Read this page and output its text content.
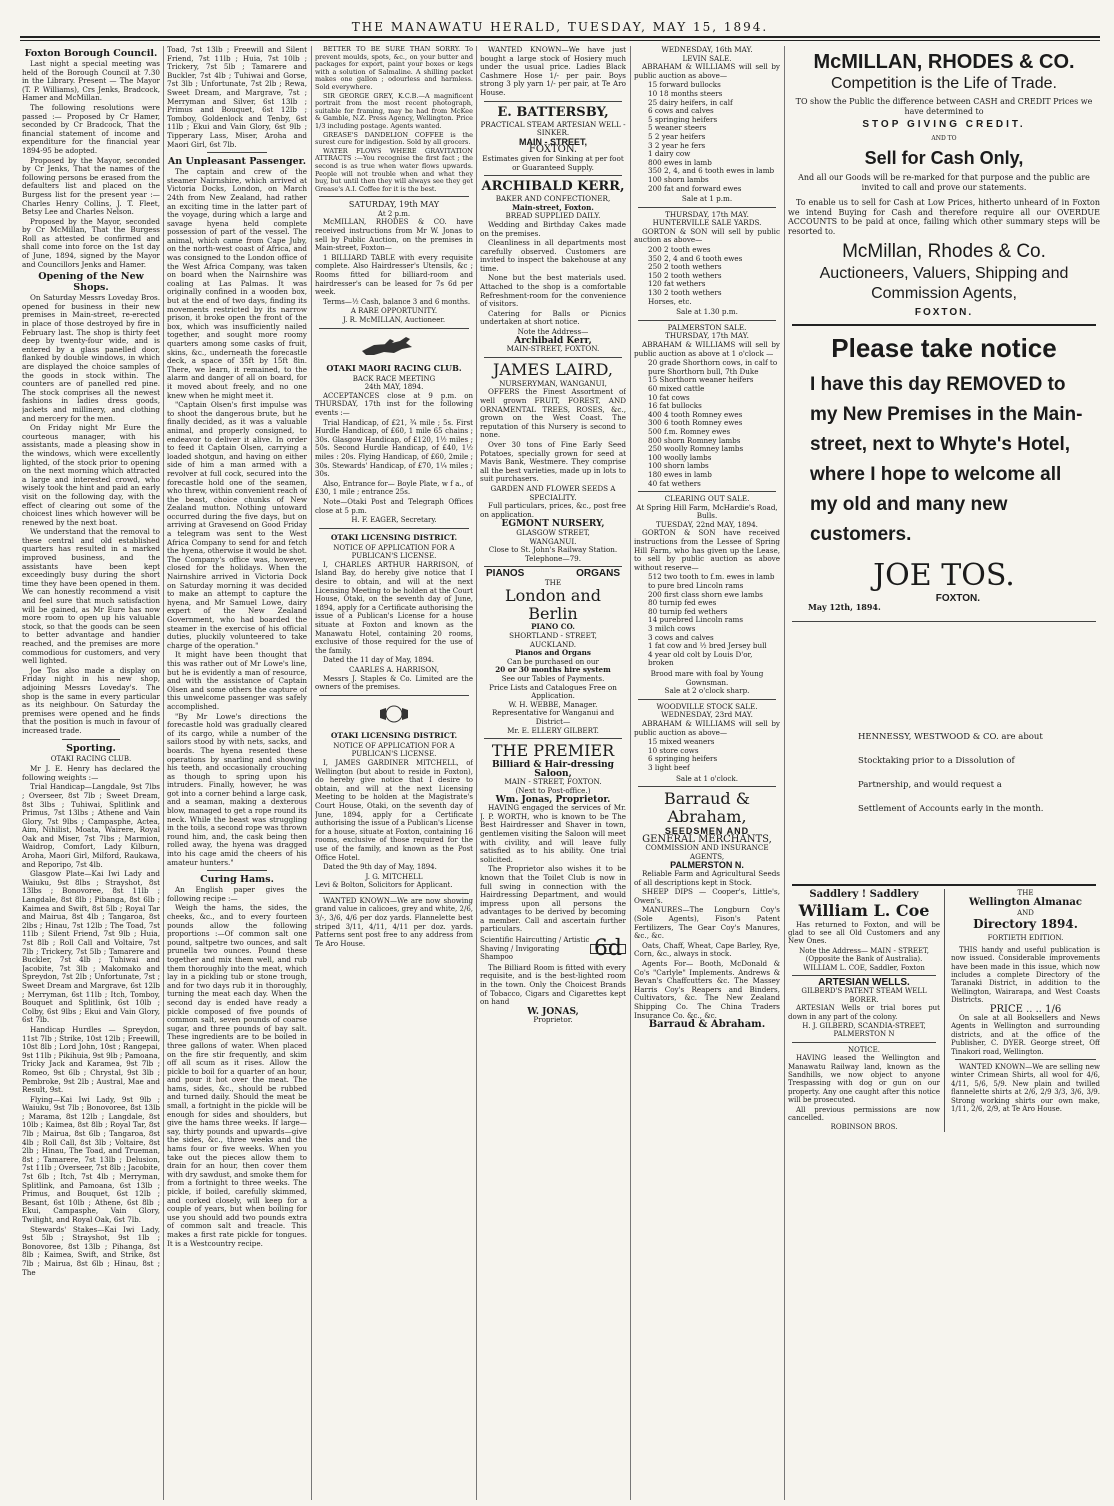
THE MANAWATU HERALD, TUESDAY, MAY 15, 1894.
Foxton Borough Council.

Last night a special meeting was held of the Borough Council at 7.30 in the Library. Present — The Mayor (T. P. Williams), Crs Jenks, Bradcock, Hamer and McMillan.

The following resolutions were passed :— Proposed by Cr Hamer, seconded by Cr Bradcock, That the financial statement of income and expenditure for the financial year 1894-95 be adopted.

Proposed by the Mayor, seconded by Cr Jenks, That the names of the following persons be erased from the defaulters list and placed on the Burgess list for the present year :— Charles Henry Collins, J. T. Fleet, Betsy Lee and Charles Nelson.

Proposed by the Mayor, seconded by Cr McMillan, That the Burgess Roll as attested be confirmed and shall come into force on the 1st day of June, 1894, signed by the Mayor and Councillors Jenks and Hamer.

Opening of the New Shops.

On Saturday Messrs Loveday Bros. opened for business in their new premises in Main-street, re-erected in place of those destroyed by fire in February last. The shop is thirty feet deep by twenty-four wide, and is entered by a glass panelled door, flanked by double windows, in which are displayed the choice samples of the goods in stock within. The counters are of panelled red pine. The stock comprises all the newest fashions in ladies dress goods, jackets and millinery, and clothing and mercery for the men.

On Friday night Mr Eure the courteous manager, with his assistants, made a pleasing show in the windows, which were excellently lighted, of the stock prior to opening on the next morning which attracted a large and interested crowd, who wisely took the hint and paid an early visit on the following day, with the effect of clearing out some of the choicest lines which however will be renewed by the next boat.

We understand that the removal to these central and old established quarters has resulted in a marked improved business, and the assistants have been kept exceedingly busy during the short time they have been opened in them. We can honestly recommend a visit and feel sure that much satisfaction will be gained, as Mr Eure has now more room to open up his valuable stock, so that the goods can be seen to better advantage and handier reached, and the premises are more commodious for customers, and very well lighted.

Joe Tos also made a display on Friday night in his new shop, adjoining Messrs Loveday's. The shop is the same in every particular as its neighbour. On Saturday the premises were opened and he finds that the position is much in favour of increased trade.

Sporting.
OTAKI RACING CLUB.

Mr J. E. Henry has declared the following weights :—

Trial Handicap—Langdale, 9st 7lbs ; Overseer, 8st 7lb ; Sweet Dream, 8st 3lbs ; Tuhiwai, Splitlink and Primus, 7st 13lbs ; Athene and Vain Glory, 7st 9lbs ; Campasphe, Actea, Aim, Nihilist, Moata, Wairere, Royal Oak and Miser, 7st 7lbs ; Marmion, Waidrop, Comfort, Lady Kilburn, Aroha, Maori Girl, Milford, Raukawa, and Reporipo, 7st 4lb.

Glasgow Plate—Kai Iwi Lady and Waiuku, 9st 8lbs ; Strayshot, 8st 13lbs ; Bonovoree, 8st 11lb ; Langdale, 8st 8lb ; Pibanga, 8st 6lb ; Kaimea and Swift, 8st 5lb ; Royal Tar and Mairua, 8st 4lb ; Tangaroa, 8st 2lbs ; Hinau, 7st 12lb ; The Toad, 7st 11lb ; Silent Friend, 7st 9lb ; Huia, 7st 8lb ; Roll Call and Voltaire, 7st 7lb ; Trickery, 7st 5lb ; Tamarere and Buckler, 7st 4lb ; Tuhiwai and Jacobite, 7st 3lb ; Makomako and Spreydon, 7st 2lb ; Unfortunate, 7st ; Sweet Dream and Margrave, 6st 12lb ; Merryman, 6st 11lb ; Itch, Tomboy, Bouquet and Splitlink, 6st 10lb ; Colby, 6st 9lbs ; Ekui and Vain Glory, 6st 7lb.

Handicap Hurdles — Spreydon, 11st 7lb ; Strike, 10st 12lb ; Freewill, 10st 8lb ; Lord John, 10st ; Rangepai, 9st 11lb ; Pikihuia, 9st 9lb ; Pamoana, Tricky Jack and Karamea, 9st 7lb ; Romeo, 9st 6lb ; Chrystal, 9st 3lb ; Pembroke, 9st 2lb ; Austral, Mae and Result, 9st.

Flying—Kai Iwi Lady, 9st 9lb ; Waiuku, 9st 7lb ; Bonovoree, 8st 13lb ; Marama, 8st 12lb ; Langdale, 8st 10lb ; Kaimea, 8st 8lb ; Royal Tar, 8st 7lb ; Mairua, 8st 6lb ; Tangaroa, 8st 4lb ; Roll Call, 8st 3lb ; Voltaire, 8st 2lb ; Hinau, The Toad, and Trueman, 8st ; Tamarere, 7st 13lb ; Delusion, 7st 11lb ; Overseer, 7st 8lb ; Jacobite, 7st 6lb ; Itch, 7st 4lb ; Merryman, Splitlink, and Pamoana, 6st 13lb ; Primus, and Bouquet, 6st 12lb ; Besant, 6st 10lb ; Athene, 6st 8lb ; Ekui, Campasphe, Vain Glory, Twilight, and Royal Oak, 6st 7lb.

Stewards' Stakes—Kai Iwi Lady, 9st 5lb ; Strayshot, 9st 1lb ; Bonovoree, 8st 13lb ; Pihanga, 8st 8lb ; Kaimea, Swift, and Strike, 8st 7lb ; Mairua, 8st 6lb ; Hinau, 8st ; The

Toad, 7st 13lb ; Freewill and Silent Friend, 7st 11lb ; Huia, 7st 10lb ; Trickery, 7st 5lb ; Tamarere and Buckler, 7st 4lb ; Tuhiwai and Gorse, 7st 3lb ; Unfortunate, 7st 2lb ; Rewa, Sweet Dream, and Margrave, 7st ; Merryman and Silver, 6st 13lb ; Primus and Bouquet, 6st 12lb ; Tomboy, Goldenlock and Tenby, 6st 11lb ; Ekui and Vain Glory, 6st 9lb ; Tipperary Lass, Miser, Aroha and Maori Girl, 6st 7lb.

An Unpleasant Passenger.

The captain and crew of the steamer Nairnshire, which arrived at Victoria Docks, London, on March 24th from New Zealand, had rather an exciting time in the latter part of the voyage, during which a large and savage hyena held complete possession of part of the vessel. The animal, which came from Cape Juby, on the north-west coast of Africa, and was consigned to the London office of the West Africa Company, was taken on board when the Nairnshire was coaling at Las Palmas. It was originally confined in a wooden box, but at the end of two days, finding its movements restricted by its narrow prison, it broke open the front of the box, which was insufficiently nailed together, and sought more roomy quarters among some casks of fruit, skins, &c., underneath the forecastle deck, a space of 35ft by 15ft 8in. There, we learn, it remained, to the alarm and danger of all on board, for it moved about freely, and no one knew when he might meet it.

"Captain Olsen's first impulse was to shoot the dangerous brute, but he finally decided, as it was a valuable animal, and properly consigned, to endeavor to deliver it alive. In order to feed it Captain Olsen, carrying a loaded shotgun, and having on either side of him a man armed with a revolver at full cock, secured into the forecastle hold one of the seamen, who threw, within convenient reach of the beast, choice chunks of New Zealand mutton. Nothing untoward occurred during the five days, but on arriving at Gravesend on Good Friday a telegram was sent to the West Africa Company to send for and fetch the hyena, otherwise it would be shot. The Company's office was, however, closed for the holidays. When the Nairnshire arrived in Victoria Dock on Saturday morning it was decided to make an attempt to capture the hyena, and Mr Samuel Lowe, dairy expert of the New Zealand Government, who had boarded the steamer in the exercise of his official duties, pluckily volunteered to take charge of the operation."

It might have been thought that this was rather out of Mr Lowe's line, but he is evidently a man of resource, and with the assistance of Captain Olsen and some others the capture of this unwelcome passenger was safely accomplished.

"By Mr Lowe's directions the forecastle hold was gradually cleared of its cargo, while a number of the sailors stood by with nets, sacks, and boards. The hyena resented these operations by snarling and showing his teeth, and occasionally crouching as though to spring upon his intruders. Finally, however, he was got into a corner behind a large cask, and a seaman, making a dexterous blow, managed to get a rope round its neck. While the beast was struggling in the toils, a second rope was thrown round him, and, the cask being then rolled away, the hyena was dragged into his cage amid the cheers of his amateur hunters."

Curing Hams.

An English paper gives the following recipe :—

Weigh the hams, the sides, the cheeks, &c., and to every fourteen pounds allow the following proportions :—Of common salt one pound, saltpetre two ounces, and salt prunella two ounces. Pound these together and mix them well, and rub them thoroughly into the meat, which lay in a pickling tub or stone trough, and for two days rub it in thoroughly, turning the meat each day. When the second day is ended have ready a pickle composed of five pounds of common salt, seven pounds of coarse sugar, and three pounds of bay salt. These ingredients are to be boiled in three gallons of water. When placed on the fire stir frequently, and skim off all scum as it rises. Allow the pickle to boil for a quarter of an hour, and pour it hot over the meat. The hams, sides, &c., should be rubbed and turned daily. Should the meat be small, a fortnight in the pickle will be enough for sides and shoulders, but give the hams three weeks. If large—say, thirty pounds and upwards—give the sides, &c., three weeks and the hams four or five weeks. When you take out the pieces allow them to drain for an hour, then cover them with dry sawdust, and smoke them for from a fortnight to three weeks. The pickle, if boiled, carefully skimmed, and corked closely, will keep for a couple of years, but when boiling for use you should add two pounds extra of common salt and treacle. This makes a first rate pickle for tongues. It is a Westcountry recipe.

BETTER TO BE SURE THAN SORRY. To prevent moulds, spots, &c., on your butter and packages for export, paint your boxes or kegs with a solution of Salmaline. A shilling packet makes one gallon ; odourless and harmless. Sold everywhere.

SIR GEORGE GREY, K.C.B.—A magnificent portrait from the most recent photograph, suitable for framing, may be had from McKee & Gamble, N.Z. Press Agency, Wellington. Price 1/3 including postage. Agents wanted.

GREASE'S DANDELION COFFEE is the surest cure for indigestion. Sold by all grocers.

WATER FLOWS WHERE GRAVITATION ATTRACTS :—You recognise the first fact ; the second is as true when water flows upwards. People will not trouble when and what they buy, but until then they will always see they get Grease's A.I. Coffee for it is the best.

SATURDAY, 19th MAY
At 2 p.m.

McMILLAN, RHODES & CO. have received instructions from Mr W. Jonas to sell by Public Auction, on the premises in Main-street, Foxton—

1 BILLIARD TABLE with every requisite complete. Also Hairdresser's Utensils, &c ; Rooms fitted for billiard-room and hairdresser's can be leased for 7s 6d per week.

Terms—½ Cash, balance 3 and 6 months.

A RARE OPPORTUNITY.
J. R. McMILLAN, Auctioneer.
OTAKI MAORI RACING CLUB.
BACK RACE MEETING
24th MAY, 1894.

ACCEPTANCES close at 9 p.m. on THURSDAY, 17th inst for the following events :—

Trial Handicap, of £21, ¾ mile ; 5s. First Hurdle Handicap, of £60, 1 mile 65 chains ; 30s. Glasgow Handicap, of £120, 1½ miles ; 50s. Second Hurdle Handicap, of £40, 1½ miles : 20s. Flying Handicap, of £60, 2mile ; 30s. Stewards' Handicap, of £70, 1¼ miles ; 30s.

Also, Entrance for— Boyle Plate, w f a., of £30, 1 mile ; entrance 25s.

Note—Otaki Post and Telegraph Offices close at 5 p.m.

H. F. EAGER, Secretary.
OTAKI LICENSING DISTRICT.
NOTICE OF APPLICATION FOR A PUBLICAN'S LICENSE.

I, CHARLES ARTHUR HARRISON, of Island Bay, do hereby give notice that I desire to obtain, and will at the next Licensing Meeting to be holden at the Court House, Otaki, on the seventh day of June, 1894, apply for a Certificate authorising the issue of a Publican's License for a house situate at Foxton and known as the Manawatu Hotel, containing 20 rooms, exclusive of those required for the use of the family.

Dated the 11 day of May, 1894.

CAARLES A. HARRISON,

Messrs J. Staples & Co. Limited are the owners of the premises.

OTAKI LICENSING DISTRICT.
NOTICE OF APPLICATION FOR A PUBLICAN'S LICENSE.

I, JAMES GARDINER MITCHELL, of Wellington (but about to reside in Foxton), do hereby give notice that I desire to obtain, and will at the next Licensing Meeting to be holden at the Magistrate's Court House, Otaki, on the seventh day of June, 1894, apply for a Certificate authorising the issue of a Publican's License for a house, situate at Foxton, containing 16 rooms, exclusive of those required for the use of the family, and known as the Post Office Hotel.

Dated the 9th day of May, 1894.

J. G. MITCHELL
Levi & Bolton, Solicitors for Applicant.

WANTED KNOWN—We are now showing grand value in calicoes, grey and white, 2/6, 3/-, 3/6, 4/6 per doz yards. Flannelette best striped 3/11, 4/11, 4/11 per doz. yards. Patterns sent post free to any address from Te Aro House.

WANTED KNOWN—We have just bought a large stock of Hosiery much under the usual price. Ladies Black Cashmere Hose 1/- per pair. Boys strong 3 ply yarn 1/- per pair, at Te Aro House.

E. BATTERSBY,
PRACTICAL STEAM ARTESIAN WELL - SINKER.
MAIN - STREET,
FOXTON.
Estimates given for Sinking at per foot or Guaranteed Supply.
ARCHIBALD KERR,
BAKER AND CONFECTIONER,
Main-street, Foxton.
BREAD SUPPLIED DAILY.

Wedding and Birthday Cakes made on the premises.

Cleanliness in all departments most carefully observed. Customers are invited to inspect the bakehouse at any time.

None but the best materials used. Attached to the shop is a comfortable Refreshment-room for the convenience of visitors.

Catering for Balls or Picnics undertaken at short notice.

Note the Address—
Archibald Kerr,
MAIN-STREET, FOXTON.
JAMES LAIRD,
NURSERYMAN, WANGANUI,

OFFERS the Finest Assortment of well grown FRUIT, FOREST, AND ORNAMENTAL TREES, ROSES, &c., grown on the West Coast. The reputation of this Nursery is second to none.

Over 30 tons of Fine Early Seed Potatoes, specially grown for seed at Mavis Bank, Westmere. They comprise all the best varieties, made up in lots to suit purchasers.

GARDEN AND FLOWER SEEDS A SPECIALITY.

Full particulars, prices, &c., post free on application.

EGMONT NURSERY,
GLASGOW STREET,
WANGANUI.
Close to St. John's Railway Station.
Telephone—79.
PIANOS	ORGANS
THE
London and Berlin
PIANO CO.
SHORTLAND - STREET,
AUCKLAND.
Pianos and Organs
Can be purchased on our
20 or 30 months hire system
See our Tables of Payments.
Price Lists and Catalogues Free on Application.
W. H. WEBBE, Manager.
Representative for Wanganui and District—
Mr. E. ELLERY GILBERT.
THE PREMIER
Billiard & Hair-dressing Saloon,
MAIN - STREET, FOXTON.
(Next to Post-office.)
Wm. Jonas, Proprietor.

HAVING engaged the services of Mr. J. P. WORTH, who is known to be The Best Hairdresser and Shaver in town, gentlemen visiting the Saloon will meet with civility, and will leave fully satisfied as to his ability. One trial solicited.

The Proprietor also wishes it to be known that the Toilet Club is now in full swing in connection with the Hairdressing Department, and would impress upon all persons the advantages to be derived by becoming a member. Call and ascertain further particulars.

Scientific Haircutting / Artistic Shaving / Invigorating Shampoo	6d

The Billiard Room is fitted with every requisite, and is the best-lighted room in the town. Only the Choicest Brands of Tobacco, Cigars and Cigarettes kept on hand

W. JONAS,
Proprietor.
WEDNESDAY, 16th MAY.
LEVIN SALE.

ABRAHAM & WILLIAMS will sell by public auction as above—

15 forward bullocks
10 18 months steers
25 dairy heifers, in calf
6 cows and calves
5 springing heifers
5 weaner steers
5 2 year heifers
3 2 year he fers
1 dairy cow
800 ewes in lamb
350 2, 4, and 6 tooth ewes in lamb
100 shorn lambs
200 fat and forward ewes
Sale at 1 p.m.
THURSDAY, 17th MAY.
HUNTERVILLE SALE YARDS.

GORTON & SON will sell by public auction as above—

200 2 tooth ewes
350 2, 4 and 6 tooth ewes
250 2 tooth wethers
150 2 tooth wethers
120 fat wethers
130 2 tooth wethers
Horses, etc.
Sale at 1.30 p.m.
PALMERSTON SALE.
THURSDAY, 17th MAY.

ABRAHAM & WILLIAMS will sell by public auction as above at 1 o'clock —

20 grade Shorthorn cows, in calf to pure Shorthorn bull, 7th Duke
15 Shorthorn weaner heifers
60 mixed cattle
10 fat cows
16 fat bullocks
400 4 tooth Romney ewes
300 6 tooth Romney ewes
500 f.m. Romney ewes
800 shorn Romney lambs
250 woolly Romney lambs
100 woolly lambs
100 shorn lambs
180 ewes in lamb
40 fat wethers
CLEARING OUT SALE.
At Spring Hill Farm, McHardie's Road, Bulls.
TUESDAY, 22nd MAY, 1894.

GORTON & SON have received instructions from the Lessee of Spring Hill Farm, who has given up the Lease, to sell by public auction as above without reserve—

512 two tooth to f.m. ewes in lamb to pure bred Lincoln rams
200 first class shorn ewe lambs
80 turnip fed ewes
80 turnip fed wethers
14 purebred Lincoln rams
3 milch cows
3 cows and calves
1 fat cow and ½ bred Jersey bull
4 year old colt by Louis D'or, broken
Brood mare with foal by Young Gownsman.
Sale at 2 o'clock sharp.
WOODVILLE STOCK SALE.
WEDNESDAY, 23rd MAY.

ABRAHAM & WILLIAMS will sell by public auction as above—

15 mixed weaners
10 store cows
6 springing heifers
3 light beef
Sale at 1 o'clock.
Barraud & Abraham,
SEEDSMEN AND
GENERAL MERCHANTS,
COMMISSION AND INSURANCE AGENTS,
PALMERSTON N.

Reliable Farm and Agricultural Seeds of all descriptions kept in Stock.

SHEEP DIPS — Cooper's, Little's, Owen's.

MANURES—The Longburn Coy's (Sole Agents), Fison's Patent Fertilizers, The Gear Coy's Manures, &c., &c.

Oats, Chaff, Wheat, Cape Barley, Rye, Corn, &c., always in stock.

Agents For— Booth, McDonald & Co's "Carlyle" Implements. Andrews & Bevan's Chaffcutters &c. The Massey Harris Coy's Reapers and Binders, Cultivators, &c. The New Zealand Shipping Co. The China Traders Insurance Co. &c., &c.

Barraud & Abraham.
McMILLAN, RHODES & CO.
Competition is the Life of Trade.

TO show the Public the difference between CASH and CREDIT Prices we have determined to

STOP GIVING CREDIT.
AND TO
Sell for Cash Only,

And all our Goods will be re-marked for that purpose and the public are invited to call and prove our statements.

To enable us to sell for Cash at Low Prices, hitherto unheard of in Foxton we intend Buying for Cash and therefore require all our OVERDUE ACCOUNTS to be paid at once, failing which other summary steps will be resorted to.

McMillan, Rhodes & Co.
Auctioneers, Valuers, Shipping and Commission Agents,
FOXTON.
Please take notice
I have this day REMOVED to my New Premises in the Main-street, next to Whyte's Hotel, where I hope to welcome all my old and many new customers.
JOE TOS.
FOXTON.
May 12th, 1894.
HENNESSY, WESTWOOD & CO. are about Stocktaking prior to a Dissolution of Partnership, and would request a Settlement of Accounts early in the month.
Saddlery ! Saddlery
William L. Coe

Has returned to Foxton, and will be glad to see all Old Customers and any New Ones.

Note the Address— MAIN - STREET, (Opposite the Bank of Australia).
WILLIAM L. COE, Saddler, Foxton
ARTESIAN WELLS.
GILBERD'S PATENT STEAM WELL BORER.

ARTESIAN Wells or trial bores put down in any part of the colony.

H. J. GILBERD, SCANDIA-STREET, PALMERSTON N
NOTICE.

HAVING leased the Wellington and Manawatu Railway land, known as the Sandhills, we now object to anyone Trespassing with dog or gun on our property. Any one caught after this notice will be prosecuted.

All previous permissions are now cancelled.

ROBINSON BROS.
THE
Wellington Almanac
AND
Directory 1894.
FORTIETH EDITION.

THIS handy and useful publication is now issued. Considerable improvements have been made in this issue, which now includes a complete Directory of the Taranaki District, in addition to the Wellington, Wairarapa, and West Coasts Districts.

PRICE .. .. 1/6

On sale at all Booksellers and News Agents in Wellington and surrounding districts, and at the office of the Publisher, C. DYER. George street, Off Tinakori road, Wellington.

WANTED KNOWN—We are selling new winter Crimean Shirts, all wool for 4/6, 4/11, 5/6, 5/9. New plain and twilled flannelette shirts at 2/6, 2/9 3/3, 3/6, 3/9. Strong working shirts our own make, 1/11, 2/6, 2/9, at Te Aro House.
